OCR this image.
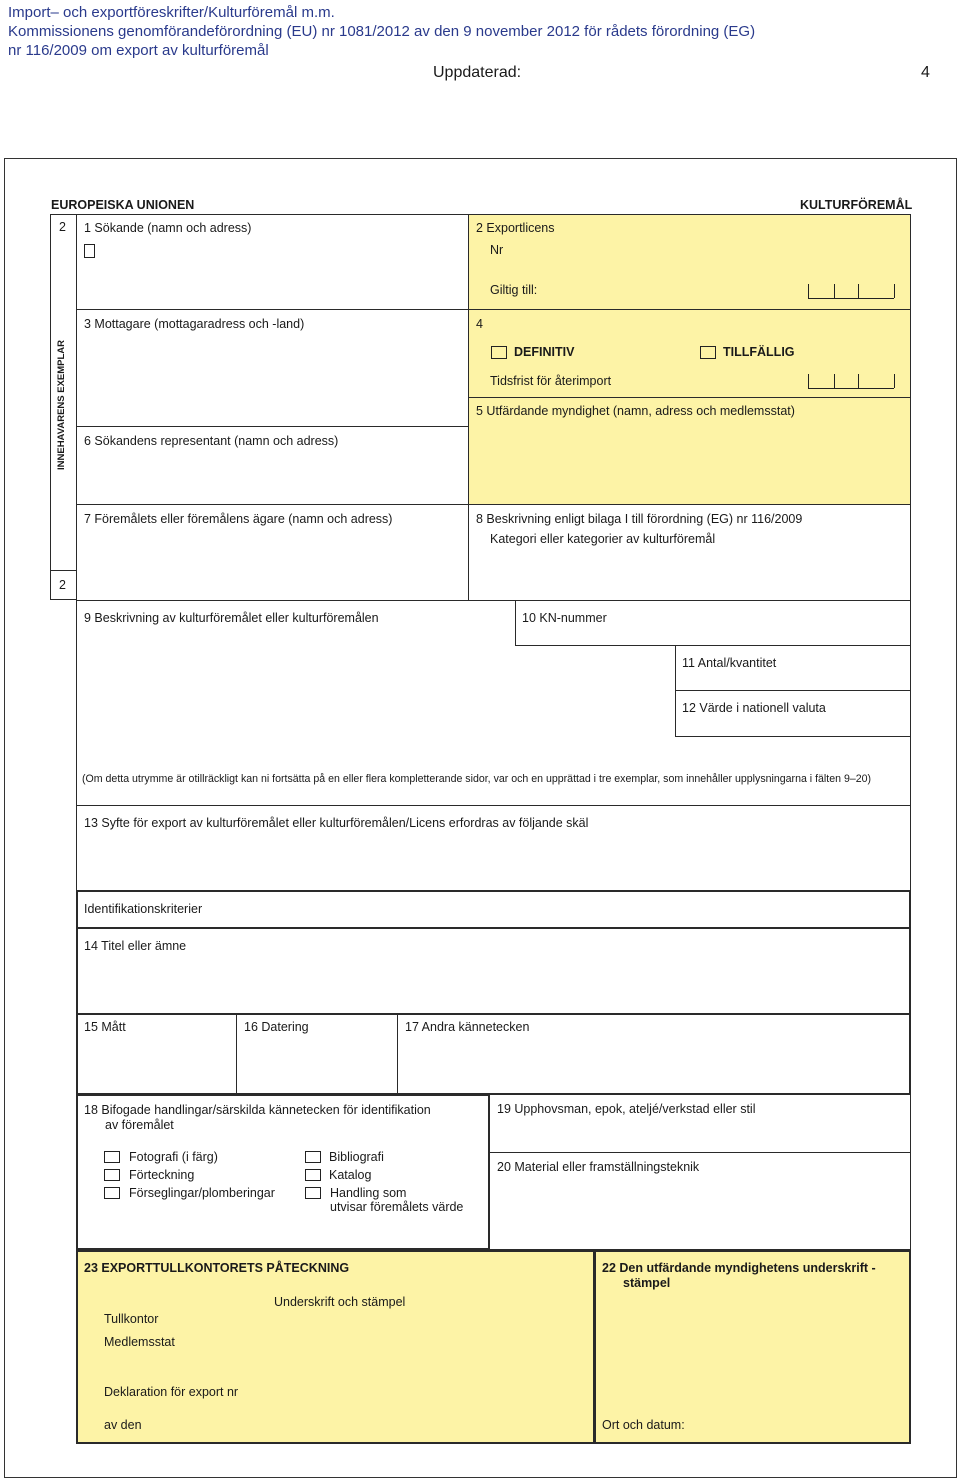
Import– och exportföreskrifter/Kulturföremål m.m.
Kommissionens genomförandeförordning (EU) nr 1081/2012 av den 9 november 2012 för rådets förordning (EG)
nr 116/2009 om export av kulturföremål
Uppdaterad:	4
EUROPEISKA UNIONEN	KULTURFÖREMÅL
2
INNEHAVARENS EXEMPLAR
2
1 Sökande (namn och adress)	2 Exportlicens
Nr
Giltig till:
3 Mottagare (mottagaradress och -land)	4
DEFINITIV	TILLFÄLLIG
Tidsfrist för återimport
5 Utfärdande myndighet (namn, adress och medlemsstat)
6 Sökandens representant (namn och adress)
7 Föremålets eller föremålens ägare (namn och adress)	8 Beskrivning enligt bilaga I till förordning (EG) nr 116/2009
Kategori eller kategorier av kulturföremål
9 Beskrivning av kulturföremålet eller kulturföremålen
(Om detta utrymme är otillräckligt kan ni fortsätta på en eller flera kompletterande sidor, var och en upprättad i tre exemplar, som innehåller upplysningarna i fälten 9–20)
10 KN-nummer
11 Antal/kvantitet
12 Värde i nationell valuta
13 Syfte för export av kulturföremålet eller kulturföremålen/Licens erfordras av följande skäl
Identifikationskriterier
14 Titel eller ämne
15 Mått	16 Datering	17 Andra kännetecken
18 Bifogade handlingar/särskilda kännetecken för identifikation
av föremålet
Fotografi (i färg)
Förteckning
Förseglingar/plomberingar
Bibliografi
Katalog
Handling som
utvisar föremålets värde
19 Upphovsman, epok, ateljé/verkstad eller stil
20 Material eller framställningsteknik
23 EXPORTTULLKONTORETS PÅTECKNING
Underskrift och stämpel
Tullkontor
Medlemsstat
Deklaration för export nr
av den
22 Den utfärdande myndighetens underskrift -
stämpel
Ort och datum:
